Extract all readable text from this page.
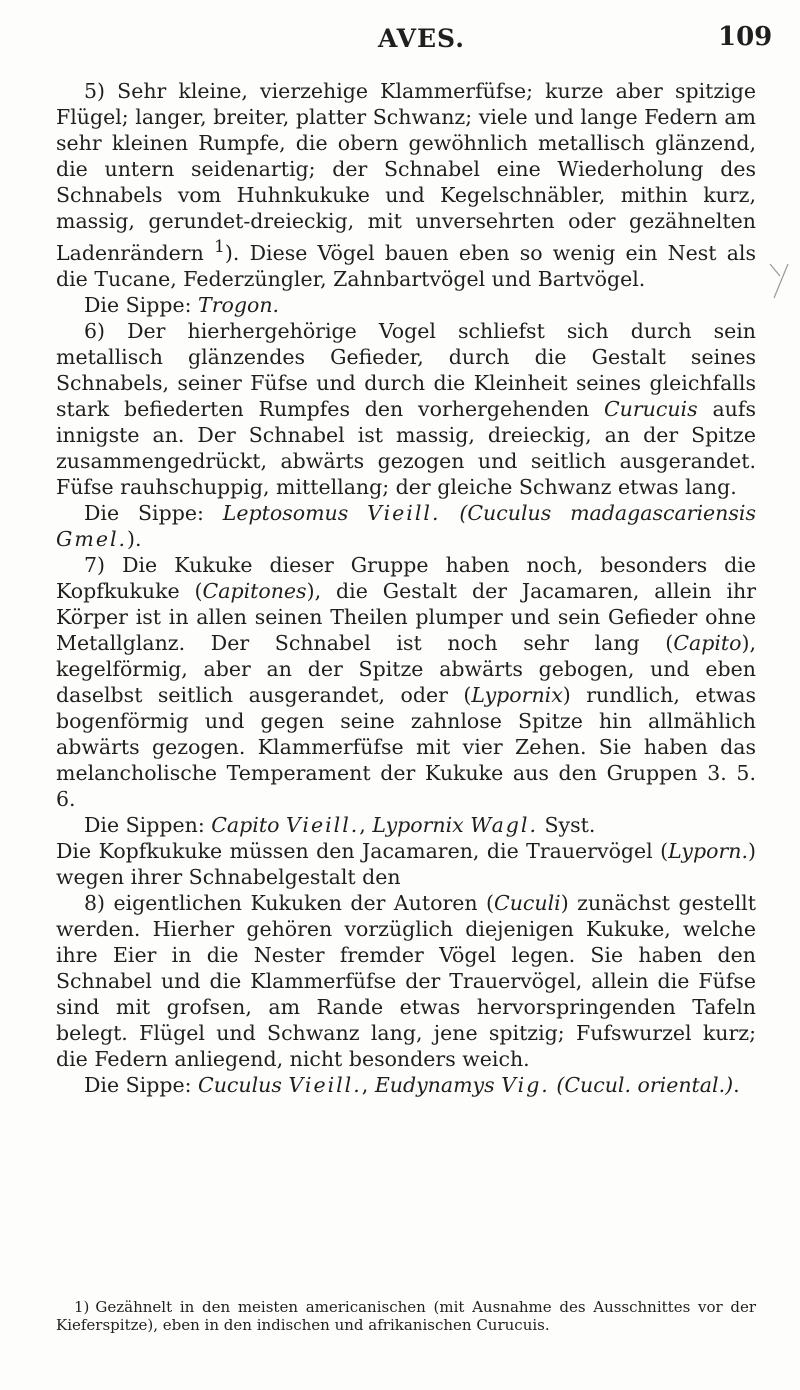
AVES.	109

5) Sehr kleine, vierzehige Klammerfüfse; kurze aber spitzige Flügel; langer, breiter, platter Schwanz; viele und lange Federn am sehr kleinen Rumpfe, die obern gewöhnlich metallisch glänzend, die untern seidenartig; der Schnabel eine Wiederholung des Schnabels vom Huhnkukuke und Kegelschnäbler, mithin kurz, massig, gerundet-dreieckig, mit unversehrten oder gezähnelten Ladenrändern $^1$). Diese Vögel bauen eben so wenig ein Nest als die Tucane, Federzüngler, Zahnbartvögel und Bartvögel.

Die Sippe: Trogon.

6) Der hierhergehörige Vogel schliefst sich durch sein metallisch glänzendes Gefieder, durch die Gestalt seines Schnabels, seiner Füfse und durch die Kleinheit seines gleichfalls stark befiederten Rumpfes den vorhergehenden Curucuis aufs innigste an. Der Schnabel ist massig, dreieckig, an der Spitze zusammengedrückt, abwärts gezogen und seitlich ausgerandet. Füfse rauhschuppig, mittellang; der gleiche Schwanz etwas lang.

Die Sippe: Leptosomus Vieill. (Cuculus madagascariensis Gmel.).

7) Die Kukuke dieser Gruppe haben noch, besonders die Kopfkukuke (Capitones), die Gestalt der Jacamaren, allein ihr Körper ist in allen seinen Theilen plumper und sein Gefieder ohne Metallglanz. Der Schnabel ist noch sehr lang (Capito), kegelförmig, aber an der Spitze abwärts gebogen, und eben daselbst seitlich ausgerandet, oder (Lypornix) rundlich, etwas bogenförmig und gegen seine zahnlose Spitze hin allmählich abwärts gezogen. Klammerfüfse mit vier Zehen. Sie haben das melancholische Temperament der Kukuke aus den Gruppen 3. 5. 6.

Die Sippen: Capito Vieill., Lypornix Wagl. Syst.

Die Kopfkukuke müssen den Jacamaren, die Trauervögel (Lyporn.) wegen ihrer Schnabelgestalt den

8) eigentlichen Kukuken der Autoren (Cuculi) zunächst gestellt werden. Hierher gehören vorzüglich diejenigen Kukuke, welche ihre Eier in die Nester fremder Vögel legen. Sie haben den Schnabel und die Klammerfüfse der Trauervögel, allein die Füfse sind mit grofsen, am Rande etwas hervorspringenden Tafeln belegt. Flügel und Schwanz lang, jene spitzig; Fufswurzel kurz; die Federn anliegend, nicht besonders weich.

Die Sippe: Cuculus Vieill., Eudynamys Vig. (Cucul. oriental.).

1) Gezähnelt in den meisten americanischen (mit Ausnahme des Ausschnittes vor der Kieferspitze), eben in den indischen und afrikanischen Curucuis.
